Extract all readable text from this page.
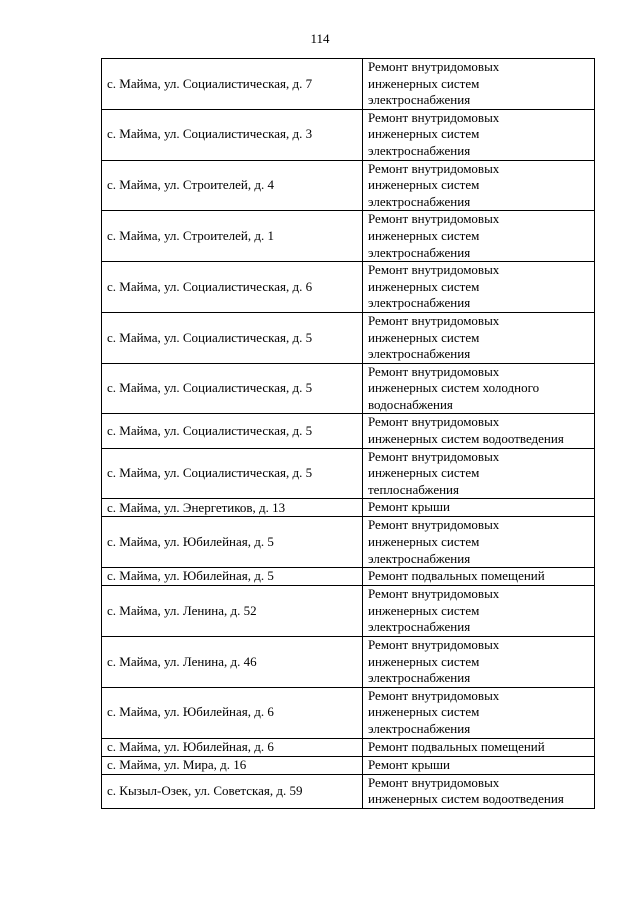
114
с. Майма, ул. Социалистическая, д. 7	Ремонт внутридомовых
инженерных систем
электроснабжения

с. Майма, ул. Социалистическая, д. 3	Ремонт внутридомовых
инженерных систем
электроснабжения

с. Майма, ул. Строителей, д. 4	Ремонт внутридомовых
инженерных систем
электроснабжения

с. Майма, ул. Строителей, д. 1	Ремонт внутридомовых
инженерных систем
электроснабжения

с. Майма, ул. Социалистическая, д. 6	Ремонт внутридомовых
инженерных систем
электроснабжения

с. Майма, ул. Социалистическая, д. 5	Ремонт внутридомовых
инженерных систем
электроснабжения

с. Майма, ул. Социалистическая, д. 5	Ремонт внутридомовых
инженерных систем холодного
водоснабжения

с. Майма, ул. Социалистическая, д. 5	Ремонт внутридомовых
инженерных систем водоотведения

с. Майма, ул. Социалистическая, д. 5	Ремонт внутридомовых
инженерных систем
теплоснабжения

с. Майма, ул. Энергетиков, д. 13	Ремонт крыши

с. Майма, ул. Юбилейная, д. 5	Ремонт внутридомовых
инженерных систем
электроснабжения

с. Майма, ул. Юбилейная, д. 5	Ремонт подвальных помещений

с. Майма, ул. Ленина, д. 52	Ремонт внутридомовых
инженерных систем
электроснабжения

с. Майма, ул. Ленина, д. 46	Ремонт внутридомовых
инженерных систем
электроснабжения

с. Майма, ул. Юбилейная, д. 6	Ремонт внутридомовых
инженерных систем
электроснабжения

с. Майма, ул. Юбилейная, д. 6	Ремонт подвальных помещений

с. Майма, ул. Мира, д. 16	Ремонт крыши

с. Кызыл-Озек, ул. Советская, д. 59	Ремонт внутридомовых
инженерных систем водоотведения
